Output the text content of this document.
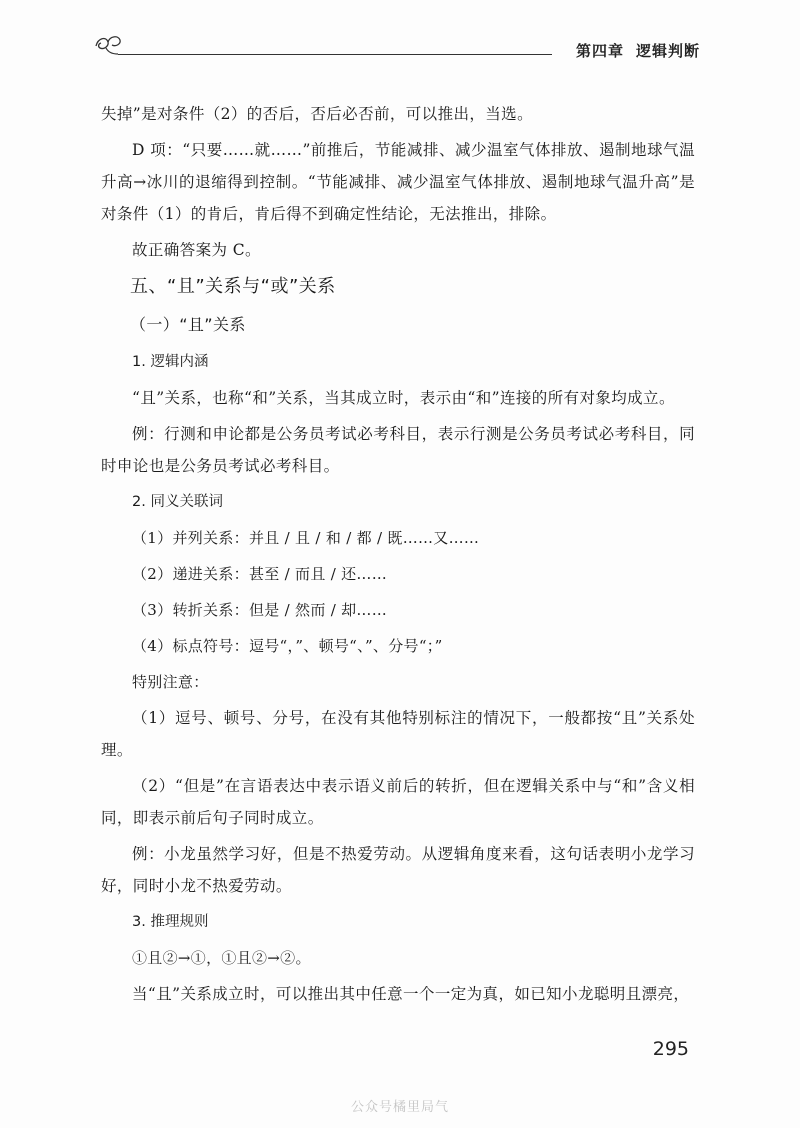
第四章 逻辑判断

失掉”是对条件（2）的否后，否后必否前，可以推出，当选。

D 项：“只要……就……”前推后，节能减排、减少温室气体排放、遏制地球气温升高→冰川的退缩得到控制。“节能减排、减少温室气体排放、遏制地球气温升高”是对条件（1）的肯后，肯后得不到确定性结论，无法推出，排除。

故正确答案为 C。

五、“且”关系与“或”关系
（一）“且”关系
1. 逻辑内涵

“且”关系，也称“和”关系，当其成立时，表示由“和”连接的所有对象均成立。

例：行测和申论都是公务员考试必考科目，表示行测是公务员考试必考科目，同时申论也是公务员考试必考科目。

2. 同义关联词
（1）并列关系：并且 / 且 / 和 / 都 / 既……又……
（2）递进关系：甚至 / 而且 / 还……
（3）转折关系：但是 / 然而 / 却……
（4）标点符号：逗号“，”、顿号“、”、分号“；”
特别注意：

（1）逗号、顿号、分号，在没有其他特别标注的情况下，一般都按“且”关系处理。

（2）“但是”在言语表达中表示语义前后的转折，但在逻辑关系中与“和”含义相同，即表示前后句子同时成立。

例：小龙虽然学习好，但是不热爱劳动。从逻辑角度来看，这句话表明小龙学习好，同时小龙不热爱劳动。

3. 推理规则
①且②→①，①且②→②。

当“且”关系成立时，可以推出其中任意一个一定为真，如已知小龙聪明且漂亮，

295
公众号橘里局气
